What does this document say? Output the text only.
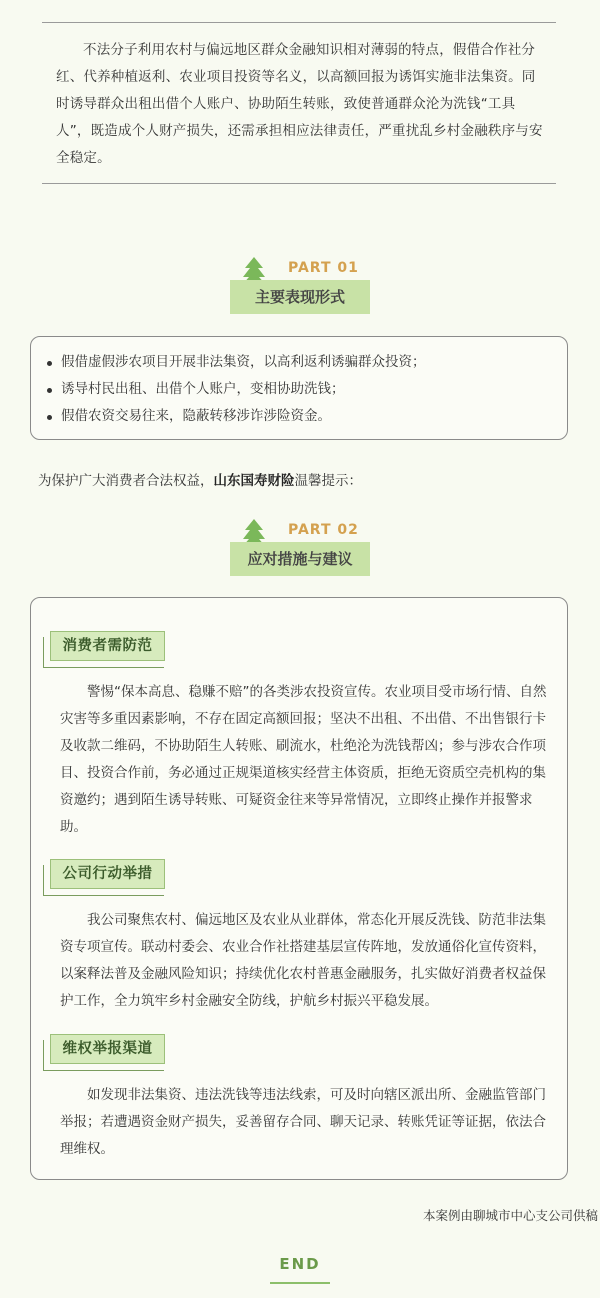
不法分子利用农村与偏远地区群众金融知识相对薄弱的特点，假借合作社分红、代养种植返利、农业项目投资等名义，以高额回报为诱饵实施非法集资。同时诱导群众出租出借个人账户、协助陌生转账，致使普通群众沦为洗钱“工具人”，既造成个人财产损失，还需承担相应法律责任，严重扰乱乡村金融秩序与安全稳定。

PART 01
主要表现形式
假借虚假涉农项目开展非法集资，以高利返利诱骗群众投资；
诱导村民出租、出借个人账户，变相协助洗钱；
假借农资交易往来，隐蔽转移涉诈涉险资金。
为保护广大消费者合法权益，山东国寿财险温馨提示：
PART 02
应对措施与建议
消费者需防范

警惕“保本高息、稳赚不赔”的各类涉农投资宣传。农业项目受市场行情、自然灾害等多重因素影响，不存在固定高额回报；坚决不出租、不出借、不出售银行卡及收款二维码，不协助陌生人转账、刷流水，杜绝沦为洗钱帮凶；参与涉农合作项目、投资合作前，务必通过正规渠道核实经营主体资质，拒绝无资质空壳机构的集资邀约；遇到陌生诱导转账、可疑资金往来等异常情况，立即终止操作并报警求助。

公司行动举措

我公司聚焦农村、偏远地区及农业从业群体，常态化开展反洗钱、防范非法集资专项宣传。联动村委会、农业合作社搭建基层宣传阵地，发放通俗化宣传资料，以案释法普及金融风险知识；持续优化农村普惠金融服务，扎实做好消费者权益保护工作，全力筑牢乡村金融安全防线，护航乡村振兴平稳发展。

维权举报渠道

如发现非法集资、违法洗钱等违法线索，可及时向辖区派出所、金融监管部门举报；若遭遇资金财产损失，妥善留存合同、聊天记录、转账凭证等证据，依法合理维权。

本案例由聊城市中心支公司供稿
END
